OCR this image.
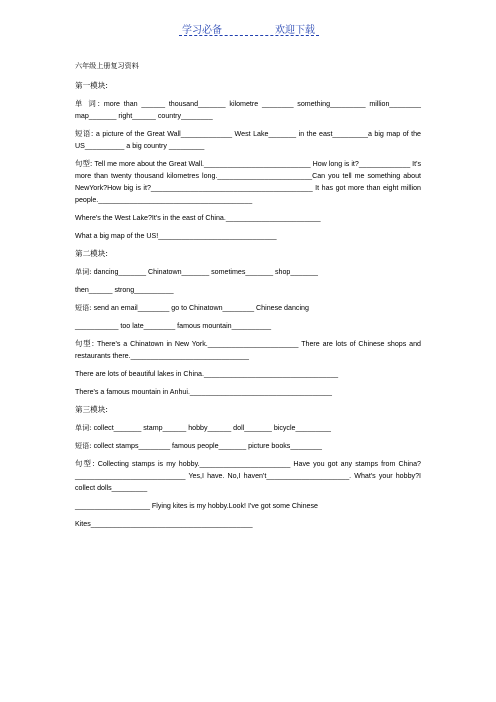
学习必备	欢迎下载
六年级上册复习资料
第一模块:
单 词: more than ______ thousand_______ kilometre ________ something_________ million________ map_______ right______ country________
短语: a picture of the Great Wall_____________ West Lake_______ in the east_________a big map of the US__________ a big country _________
句型: Tell me more about the Great Wall.___________________________ How long is it?_____________ It's more than twenty thousand kilometres long.________________________Can you tell me something about NewYork?How big is it?_________________________________________ It has got more than eight million people._______________________________________
Where's the West Lake?It's in the east of China.________________________
What a big map of the US!______________________________
第二模块:
单词: dancing_______ Chinatown_______ sometimes_______ shop_______
then______ strong__________
短语: send an email________ go to Chinatown________ Chinese dancing
___________ too late________ famous mountain__________
句型: There's a Chinatown in New York._______________________ There are lots of Chinese shops and restaurants there.______________________________
There are lots of beautiful lakes in China.__________________________________
There's a famous mountain in Anhui.____________________________________
第三模块:
单词: collect_______ stamp______ hobby______ doll_______ bicycle_________
短语: collect stamps________ famous people_______ picture books________
句型: Collecting stamps is my hobby._______________________ Have you got any stamps from China?____________________________ Yes,I have. No,I haven't_____________________. What's your hobby?I collect dolls_________
___________________ Flying kites is my hobby.Look! I've got some Chinese
Kites_________________________________________
